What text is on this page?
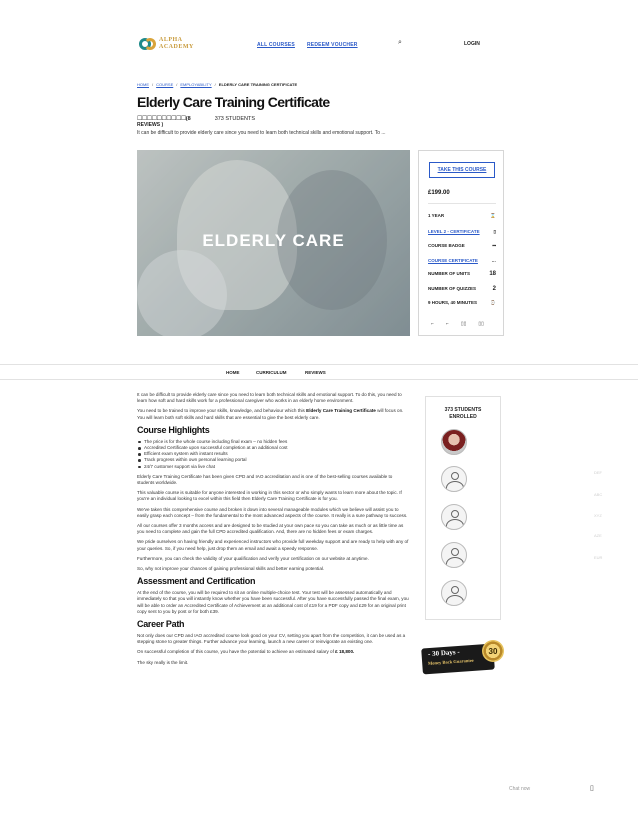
ALPHA
ACADEMY	ALL COURSES REDEEM VOUCHER	⌕	LOGIN
HOME / COURSE / EMPLOYABILITY / ELDERLY CARE TRAINING CERTIFICATE
Elderly Care Training Certificate
☐☐☐☐☐☐☐☐☐☐(8	373 STUDENTS
REVIEWS )
It can be difficult to provide elderly care since you need to learn both technical skills and emotional support. To ...
ELDERLY CARE
TAKE THIS COURSE
£199.00
1 YEAR	⌛
LEVEL 2 - CERTIFICATE	▯
COURSE BADGE	⎓
COURSE CERTIFICATE	…
NUMBER OF UNITS	18
NUMBER OF QUIZZES	2
9 HOURS, 40 MINUTES	⌚
⌐ ⌐ ▯▯ ▯▯
HOME	CURRICULUM	REVIEWS

It can be difficult to provide elderly care since you need to learn both technical skills and emotional support. To do this, you need to learn how soft and hard skills work for a professional caregiver who works in an elderly home environment.

You need to be trained to improve your skills, knowledge, and behaviour which this Elderly Care Training Certificate will focus on. You will learn both soft skills and hard skills that are essential to give the best elderly care.

Course Highlights
The price is for the whole course including final exam – no hidden fees
Accredited Certificate upon successful completion at an additional cost
Efficient exam system with instant results
Track progress within own personal learning portal
24/7 customer support via live chat

Elderly Care Training Certificate has been given CPD and IAO accreditation and is one of the best-selling courses available to students worldwide.

This valuable course is suitable for anyone interested in working in this sector or who simply wants to learn more about the topic. If you're an individual looking to excel within this field then Elderly Care Training Certificate is for you.

We've taken this comprehensive course and broken it down into several manageable modules which we believe will assist you to easily grasp each concept – from the fundamental to the most advanced aspects of the course. It really is a sure pathway to success.

All our courses offer 3 months access and are designed to be studied at your own pace so you can take as much or as little time as you need to complete and gain the full CPD accredited qualification. And, there are no hidden fees or exam charges.

We pride ourselves on having friendly and experienced instructors who provide full weekday support and are ready to help with any of your queries. So, if you need help, just drop them an email and await a speedy response.

Furthermore, you can check the validity of your qualification and verify your certification on our website at anytime.

So, why not improve your chances of gaining professional skills and better earning potential.

Assessment and Certification

At the end of the course, you will be required to sit an online multiple-choice test. Your test will be assessed automatically and immediately so that you will instantly know whether you have been successful. After you have successfully passed the final exam, you will be able to order an Accredited Certificate of Achievement at an additional cost of £19 for a PDF copy and £29 for an original print copy sent to you by post or for both £39.

Career Path

Not only does our CPD and IAO accredited course look good on your CV, setting you apart from the competition, it can be used as a stepping stone to greater things. Further advance your learning, launch a new career or reinvigorate an existing one.

On successful completion of this course, you have the potential to achieve an estimated salary of £ 18,800.

The sky really is the limit.

373 STUDENTS
ENROLLED
- 30 Days -
Money Back Guarantee
30
DEF
ABC
XYZ
AZE
EUR
Chat now	▯
